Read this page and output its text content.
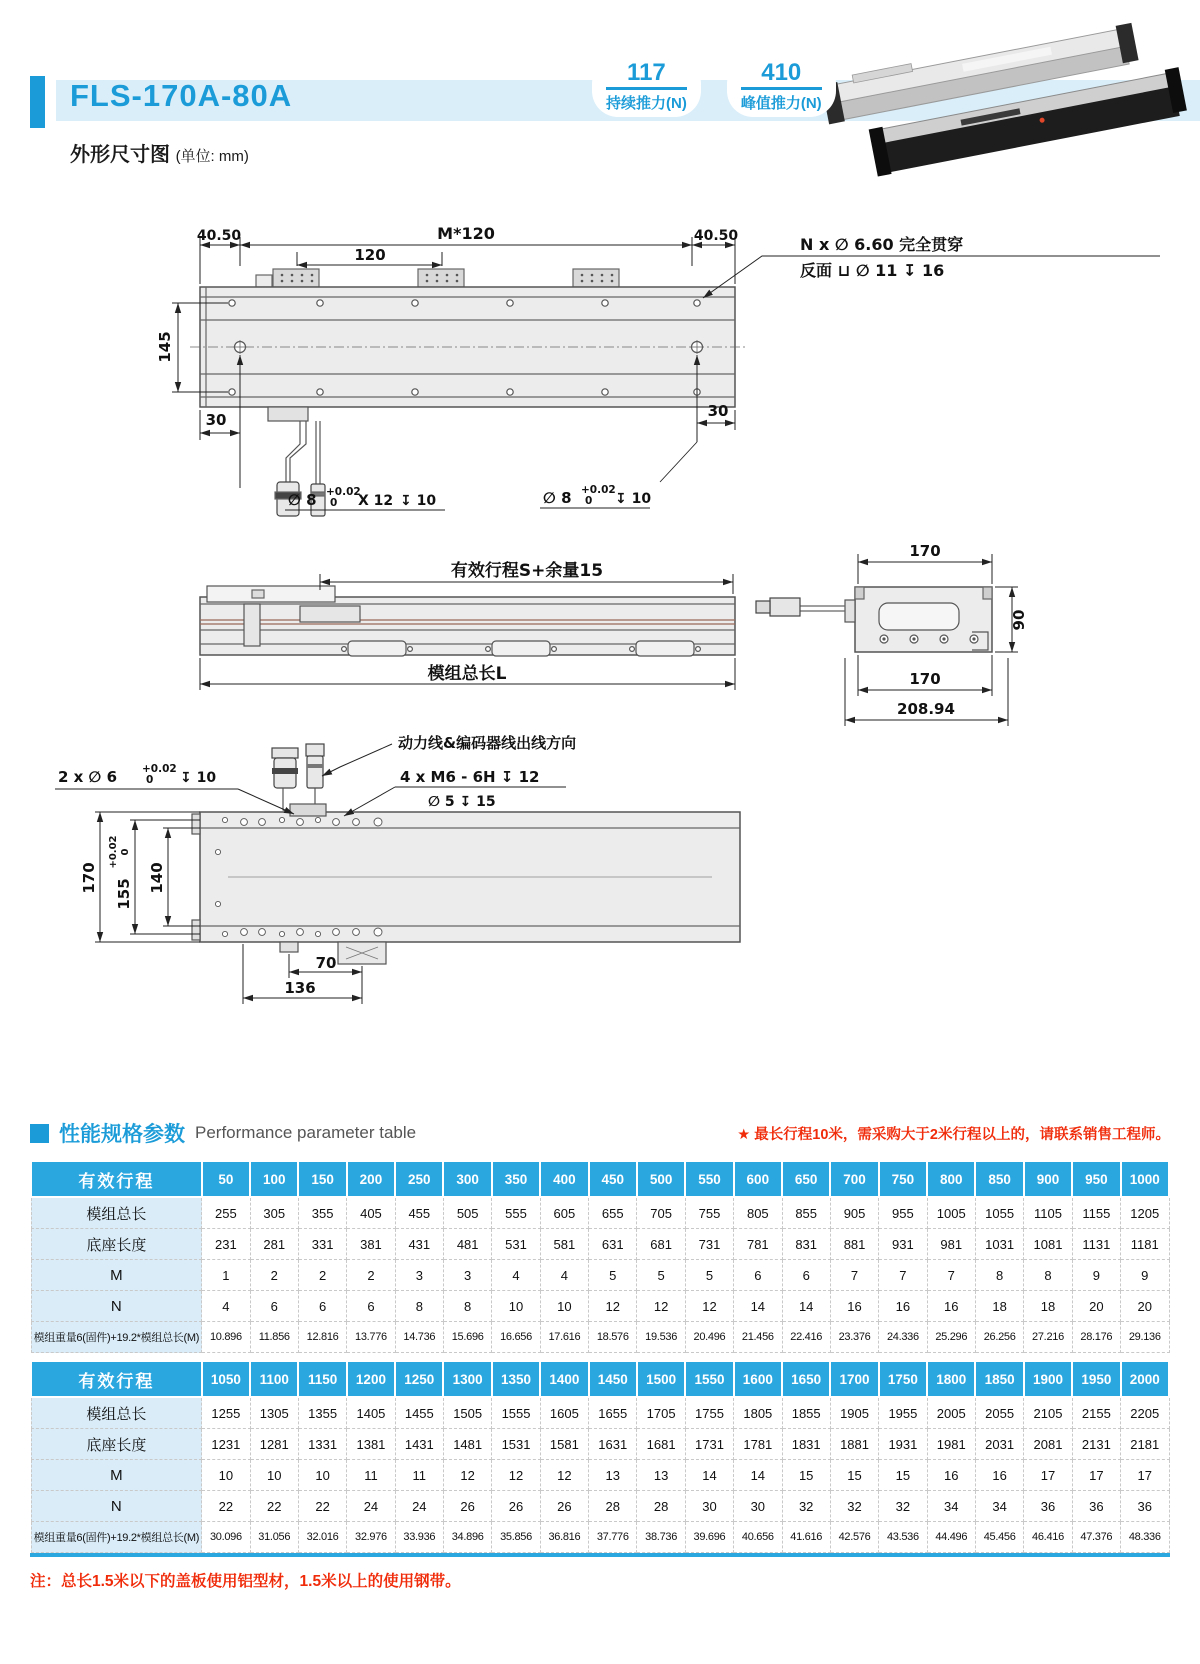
FLS-170A-80A
117
持续推力(N)
410
峰值推力(N)
外形尺寸图 (单位: mm)
40.50	M*120	40.50
120
145
30	30
N x ∅ 6.60 完全贯穿
反面 ⊔ ∅ 11 ↧ 16
∅ 8 +0.02
0 X 12 ↧ 10	∅ 8 +0.02
0 ↧ 10
有效行程S+余量15
模组总长L
170
90
170
208.94
动力线&编码器线出线方向
2 x ∅ 6 +0.02
0 ↧ 10	4 x M6 - 6H ↧ 12
∅ 5 ↧ 15
170
+0.02 0
155
140
70
136
性能规格参数 Performance parameter table	★ 最长行程10米，需采购大于2米行程以上的，请联系销售工程师。
有效行程	50	100	150	200	250	300	350	400	450	500	550	600	650	700	750	800	850	900	950	1000
模组总长	255	305	355	405	455	505	555	605	655	705	755	805	855	905	955	1005	1055	1105	1155	1205
底座长度	231	281	331	381	431	481	531	581	631	681	731	781	831	881	931	981	1031	1081	1131	1181
M	1	2	2	2	3	3	4	4	5	5	5	6	6	7	7	7	8	8	9	9
N	4	6	6	6	8	8	10	10	12	12	12	14	14	16	16	16	18	18	20	20
模组重量6(固件)+19.2*模组总长(M)	10.896	11.856	12.816	13.776	14.736	15.696	16.656	17.616	18.576	19.536	20.496	21.456	22.416	23.376	24.336	25.296	26.256	27.216	28.176	29.136
有效行程	1050	1100	1150	1200	1250	1300	1350	1400	1450	1500	1550	1600	1650	1700	1750	1800	1850	1900	1950	2000
模组总长	1255	1305	1355	1405	1455	1505	1555	1605	1655	1705	1755	1805	1855	1905	1955	2005	2055	2105	2155	2205
底座长度	1231	1281	1331	1381	1431	1481	1531	1581	1631	1681	1731	1781	1831	1881	1931	1981	2031	2081	2131	2181
M	10	10	10	11	11	12	12	12	13	13	14	14	15	15	15	16	16	17	17	17
N	22	22	22	24	24	26	26	26	28	28	30	30	32	32	32	34	34	36	36	36
模组重量6(固件)+19.2*模组总长(M)	30.096	31.056	32.016	32.976	33.936	34.896	35.856	36.816	37.776	38.736	39.696	40.656	41.616	42.576	43.536	44.496	45.456	46.416	47.376	48.336
注：总长1.5米以下的盖板使用铝型材，1.5米以上的使用钢带。
